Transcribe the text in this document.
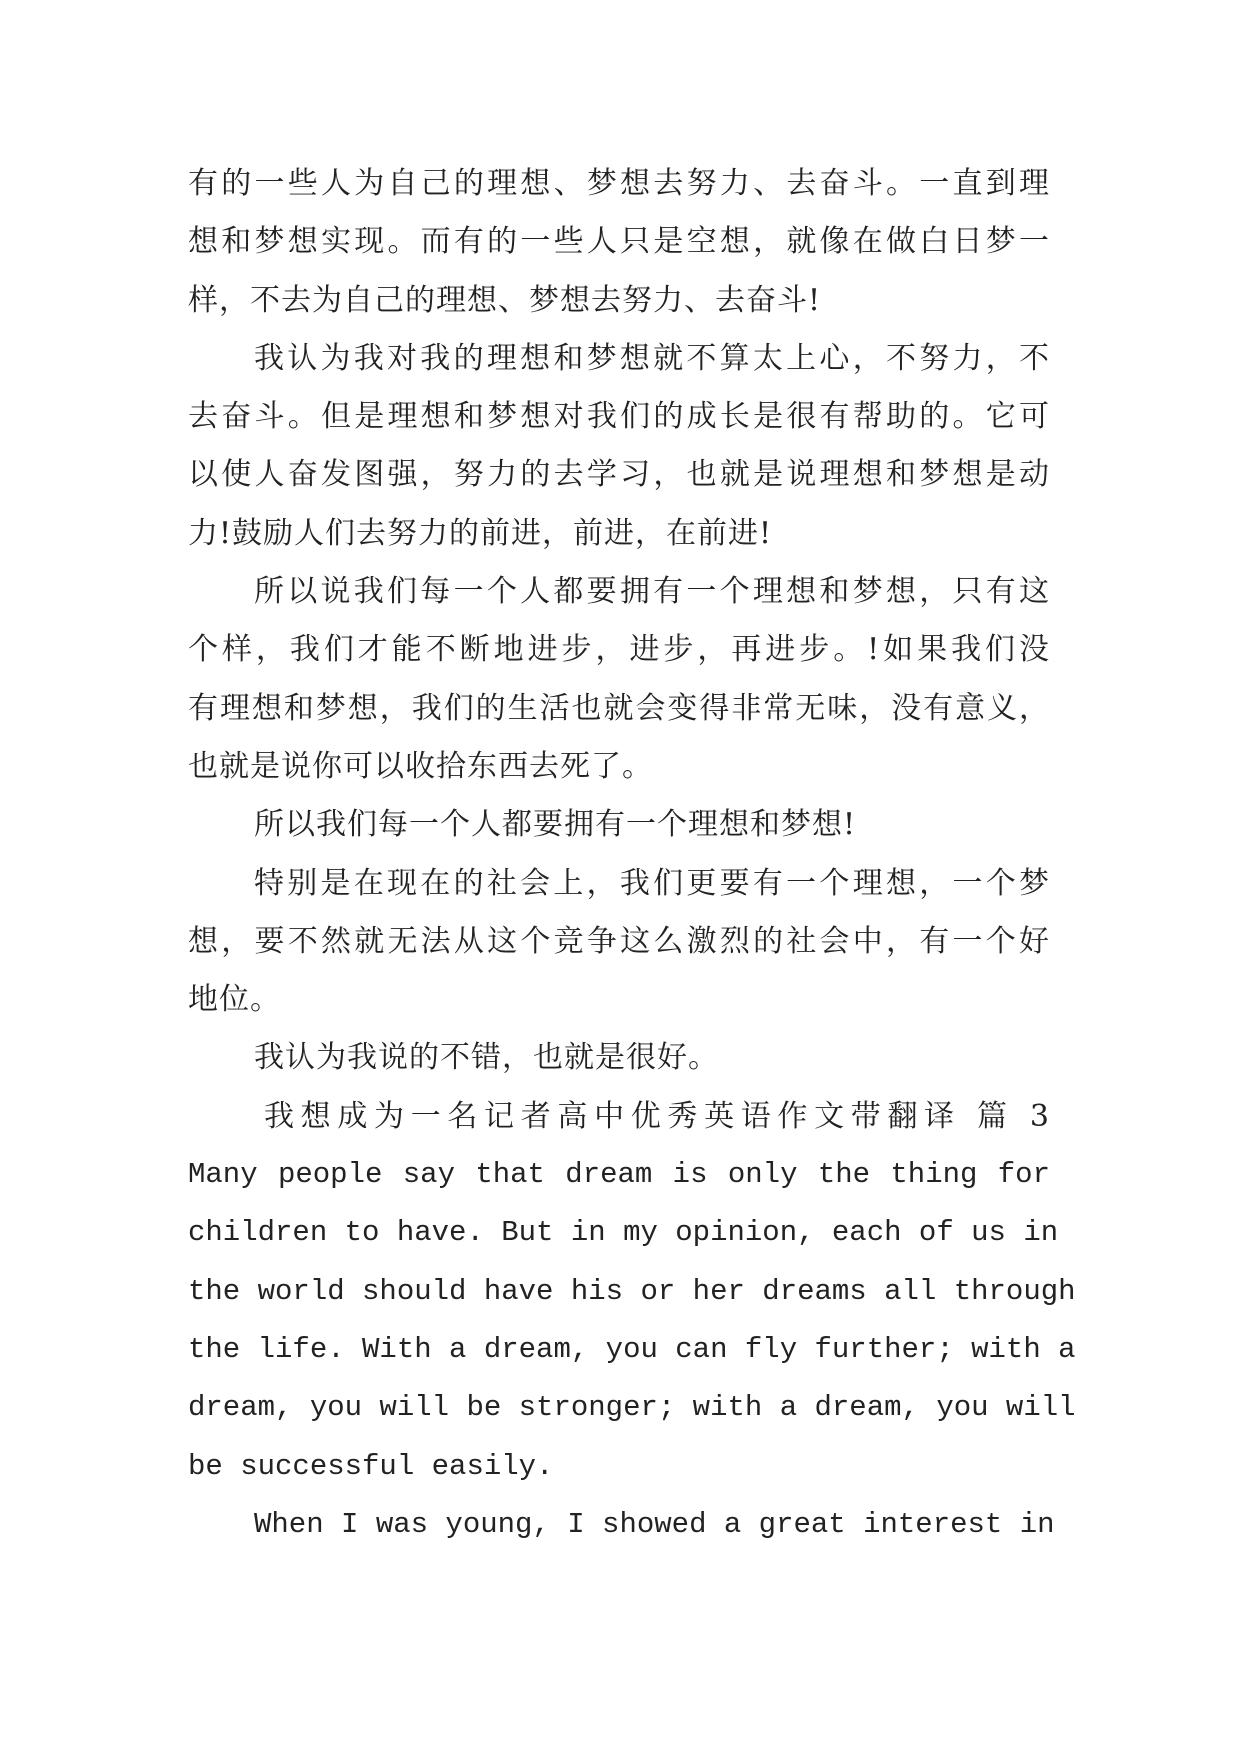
有的一些人为自己的理想、梦想去努力、去奋斗。一直到理
想和梦想实现。而有的一些人只是空想，就像在做白日梦一
样，不去为自己的理想、梦想去努力、去奋斗!
我认为我对我的理想和梦想就不算太上心，不努力，不
去奋斗。但是理想和梦想对我们的成长是很有帮助的。它可
以使人奋发图强，努力的去学习，也就是说理想和梦想是动
力!鼓励人们去努力的前进，前进，在前进!
所以说我们每一个人都要拥有一个理想和梦想，只有这
个样，我们才能不断地进步，进步，再进步。!如果我们没
有理想和梦想，我们的生活也就会变得非常无味，没有意义，
也就是说你可以收拾东西去死了。
所以我们每一个人都要拥有一个理想和梦想!
特别是在现在的社会上，我们更要有一个理想，一个梦
想，要不然就无法从这个竞争这么激烈的社会中，有一个好
地位。
我认为我说的不错，也就是很好。
我想成为一名记者高中优秀英语作文带翻译 篇 3
Many people say that dream is only the thing for
children to have. But in my opinion, each of us in
the world should have his or her dreams all through
the life. With a dream, you can fly further; with a
dream, you will be stronger; with a dream, you will
be successful easily.
When I was young, I showed a great interest in
